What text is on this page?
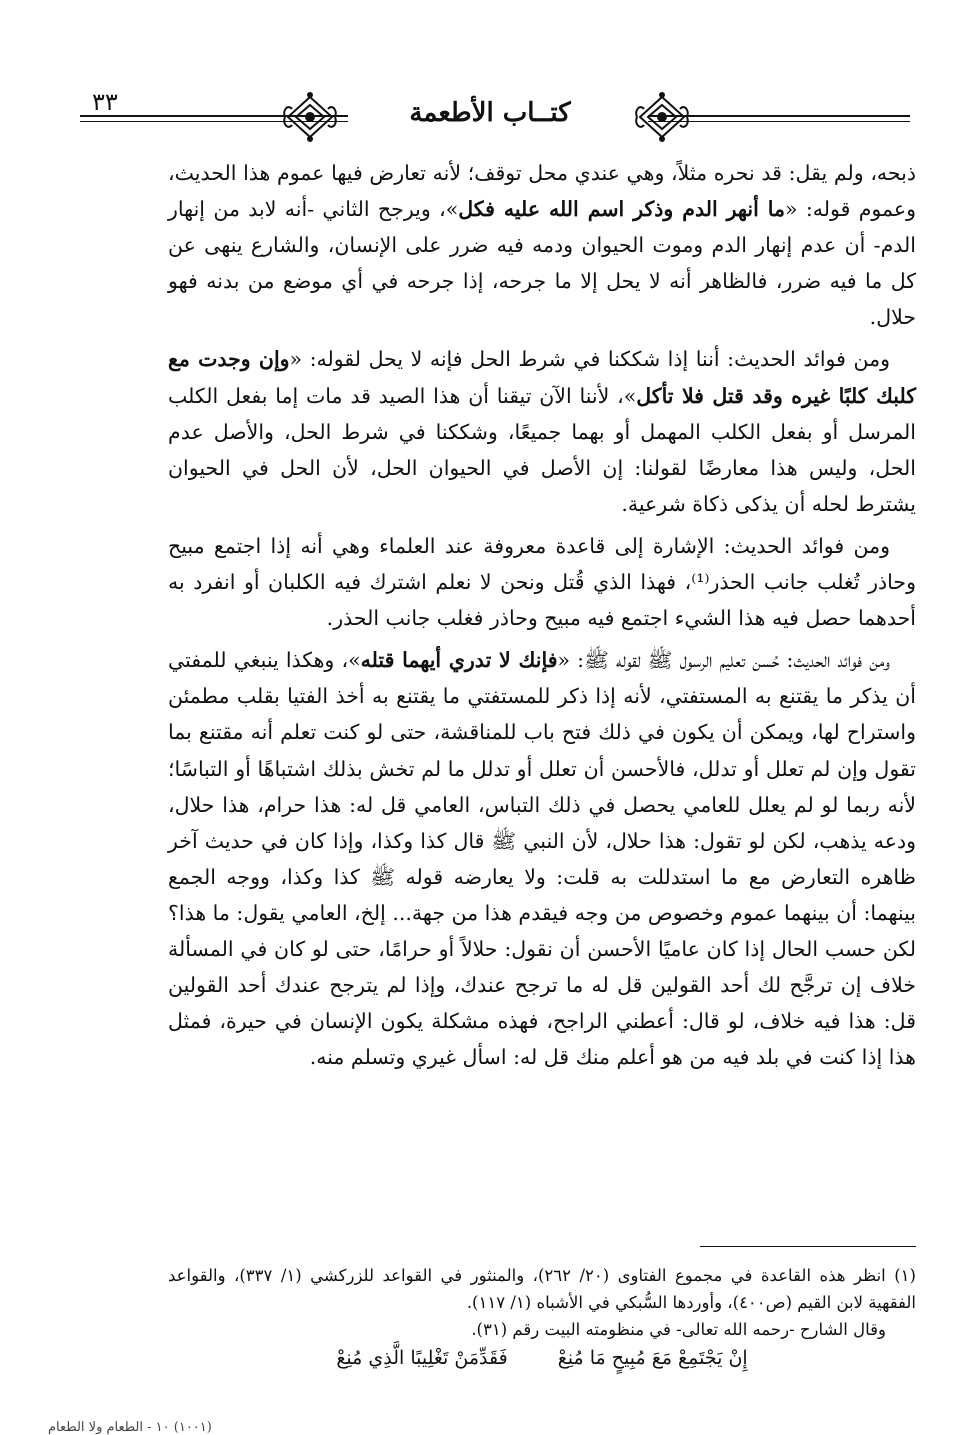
٣٣	كتــاب الأطعمة

ذبحه، ولم يقل: قد نحره مثلاً، وهي عندي محل توقف؛ لأنه تعارض فيها عموم هذا الحديث، وعموم قوله: «ما أنهر الدم وذكر اسم الله عليه فكل»، ويرجح الثاني -أنه لابد من إنهار الدم- أن عدم إنهار الدم وموت الحيوان ودمه فيه ضرر على الإنسان، والشارع ينهى عن كل ما فيه ضرر، فالظاهر أنه لا يحل إلا ما جرحه، إذا جرحه في أي موضع من بدنه فهو حلال.

ومن فوائد الحديث: أننا إذا شككنا في شرط الحل فإنه لا يحل لقوله: «وإن وجدت مع كلبك كلبًا غيره وقد قتل فلا تأكل»، لأننا الآن تيقنا أن هذا الصيد قد مات إما بفعل الكلب المرسل أو بفعل الكلب المهمل أو بهما جميعًا، وشككنا في شرط الحل، والأصل عدم الحل، وليس هذا معارضًا لقولنا: إن الأصل في الحيوان الحل، لأن الحل في الحيوان يشترط لحله أن يذكى ذكاة شرعية.

ومن فوائد الحديث: الإشارة إلى قاعدة معروفة عند العلماء وهي أنه إذا اجتمع مبيح وحاذر تُغلب جانب الحذر⁽¹⁾، فهذا الذي قُتل ونحن لا نعلم اشترك فيه الكلبان أو انفرد به أحدهما حصل فيه هذا الشيء اجتمع فيه مبيح وحاذر فغلب جانب الحذر.

ومن فوائد الحديث: حُسن تعليم الرسول ﷺ لقوله ﷺ: «فإنك لا تدري أيهما قتله»، وهكذا ينبغي للمفتي أن يذكر ما يقتنع به المستفتي، لأنه إذا ذكر للمستفتي ما يقتنع به أخذ الفتيا بقلب مطمئن واستراح لها، ويمكن أن يكون في ذلك فتح باب للمناقشة، حتى لو كنت تعلم أنه مقتنع بما تقول وإن لم تعلل أو تدلل، فالأحسن أن تعلل أو تدلل ما لم تخش بذلك اشتباهًا أو التباسًا؛ لأنه ربما لو لم يعلل للعامي يحصل في ذلك التباس، العامي قل له: هذا حرام، هذا حلال، ودعه يذهب، لكن لو تقول: هذا حلال، لأن النبي ﷺ قال كذا وكذا، وإذا كان في حديث آخر ظاهره التعارض مع ما استدللت به قلت: ولا يعارضه قوله ﷺ كذا وكذا، ووجه الجمع بينهما: أن بينهما عموم وخصوص من وجه فيقدم هذا من جهة... إلخ، العامي يقول: ما هذا؟ لكن حسب الحال إذا كان عاميًا الأحسن أن نقول: حلالاً أو حرامًا، حتى لو كان في المسألة خلاف إن ترجَّح لك أحد القولين قل له ما ترجح عندك، وإذا لم يترجح عندك أحد القولين قل: هذا فيه خلاف، لو قال: أعطني الراجح، فهذه مشكلة يكون الإنسان في حيرة، فمثل هذا إذا كنت في بلد فيه من هو أعلم منك قل له: اسأل غيري وتسلم منه.

(١) انظر هذه القاعدة في مجموع الفتاوى (٢٠/ ٢٦٢)، والمنثور في القواعد للزركشي (١/ ٣٣٧)، والقواعد الفقهية لابن القيم (ص٤٠٠)، وأوردها السُّبكي في الأشباه (١/ ١١٧).

وقال الشارح -رحمه الله تعالى- في منظومته البيت رقم (٣١).

إِنْ يَجْتَمِعْ مَعَ مُبِيحٍ مَا مُنِعْ
فَقَدِّمَنْ تَغْلِيبًا الَّذِي مُنِعْ
(١٠٠١) ١٠ - الطعام ولا الطعام
